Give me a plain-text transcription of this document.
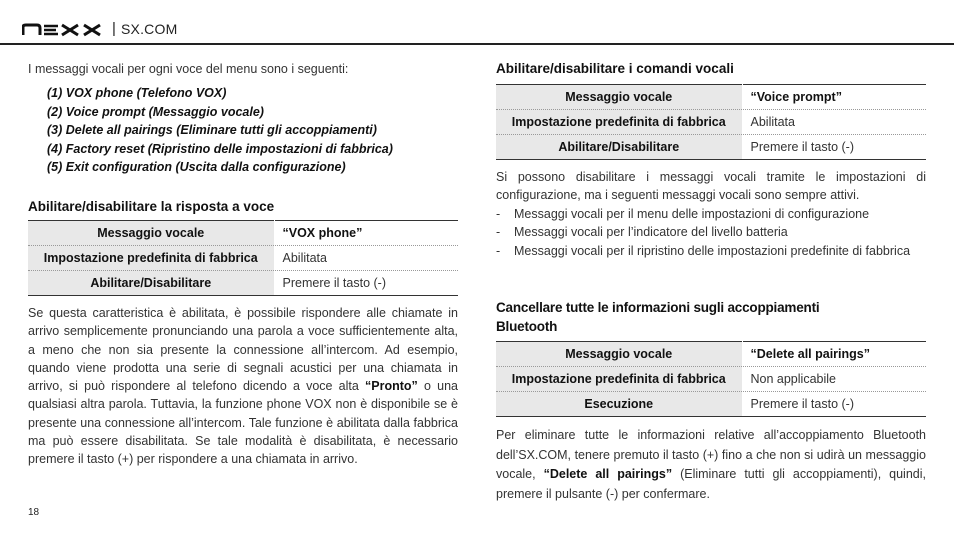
| SX.COM
I messaggi vocali per ogni voce del menu sono i seguenti:
(1) VOX phone (Telefono VOX)
(2) Voice prompt (Messaggio vocale)
(3) Delete all pairings (Eliminare tutti gli accoppiamenti)
(4) Factory reset (Ripristino delle impostazioni di fabbrica)
(5) Exit configuration (Uscita dalla configurazione)
Abilitare/disabilitare la risposta a voce
Messaggio vocale	“VOX phone”
Impostazione predefinita di fabbrica	Abilitata
Abilitare/Disabilitare	Premere il tasto (-)
Se questa caratteristica è abilitata, è possibile rispondere alle chiamate in arrivo semplicemente pronunciando una parola a voce sufficientemente alta, a meno che non sia presente la connessione all’intercom. Ad esempio, quando viene prodotta una serie di segnali acustici per una chiamata in arrivo, si può rispondere al telefono dicendo a voce alta “Pronto” o una qualsiasi altra parola. Tuttavia, la funzione phone VOX non è disponibile se è presente una connessione all’intercom. Tale funzione è abilitata dalla fabbrica ma può essere disabilitata. Se tale modalità è disabilitata, è necessario premere il tasto (+) per rispondere a una chiamata in arrivo.
Abilitare/disabilitare i comandi vocali
Messaggio vocale	“Voice prompt”
Impostazione predefinita di fabbrica	Abilitata
Abilitare/Disabilitare	Premere il tasto (-)
Si possono disabilitare i messaggi vocali tramite le impostazioni di configurazione, ma i seguenti messaggi vocali sono sempre attivi.
- Messaggi vocali per il menu delle impostazioni di configurazione
- Messaggi vocali per l’indicatore del livello batteria
- Messaggi vocali per il ripristino delle impostazioni predefinite di fabbrica
Cancellare tutte le informazioni sugli accoppiamenti
Bluetooth
Messaggio vocale	“Delete all pairings”
Impostazione predefinita di fabbrica	Non applicabile
Esecuzione	Premere il tasto (-)
Per eliminare tutte le informazioni relative all’accoppiamento Bluetooth dell’SX.COM, tenere premuto il tasto (+) fino a che non si udirà un messaggio vocale, “Delete all pairings” (Eliminare tutti gli accoppiamenti), quindi, premere il pulsante (-) per confermare.
18
